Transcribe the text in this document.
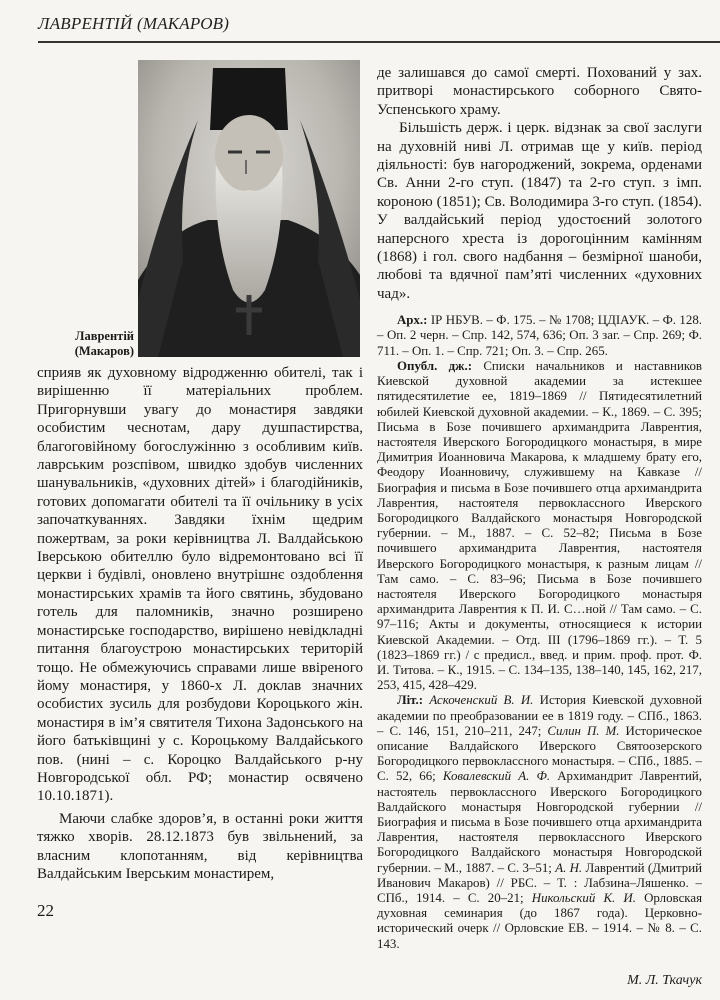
ЛАВРЕНТІЙ (МАКАРОВ)
Лаврентій
(Макаров)

сприяв як духовному відродженню обителі, так і вирішенню її матеріальних проблем. Пригорнувши увагу до монастиря завдяки особистим чеснотам, дару душпастирства, благоговійному богослужінню з особливим київ. лаврським розспівом, швидко здобув численних шанувальників, «духовних дітей» і благодійників, готових допомагати обителі та її очільнику в усіх започаткуваннях. Завдяки їхнім щедрим пожертвам, за роки керівництва Л. Валдайською Іверською обителлю було відремонтовано всі її церкви і будівлі, оновлено внутрішнє оздоблення монастирських храмів та його святинь, збудовано готель для паломників, значно розширено монастирське господарство, вирішено невідкладні питання благоустрою монастирських територій тощо. Не обмежуючись справами лише ввіреного йому монастиря, у 1860-х Л. доклав значних особистих зусиль для розбудови Короцького жін. монастиря в ім’я святителя Тихона Задонського на його батьківщині у с. Короцькому Валдайського пов. (нині – с. Короцко Валдайського р-ну Новгородської обл. РФ; монастир освячено 10.10.1871).

Маючи слабке здоров’я, в останні роки життя тяжко хворів. 28.12.1873 був звільнений, за власним клопотанням, від керівництва Валдайським Іверським монастирем,

22

де залишався до самої смерті. Похований у зах. притворі монастирського соборного Свято-Успенського храму.

Більшість держ. і церк. відзнак за свої заслуги на духовній ниві Л. отримав ще у київ. період діяльності: був нагороджений, зокрема, орденами Св. Анни 2-го ступ. (1847) та 2-го ступ. з імп. короною (1851); Св. Володимира 3-го ступ. (1854). У валдайський період удостоєний золотого наперсного хреста із дорогоцінним камінням (1868) і гол. свого надбання – безмірної шаноби, любові та вдячної пам’яті численних «духовних чад».

Арх.: ІР НБУВ. – Ф. 175. – № 1708; ЦДІАУК. – Ф. 128. – Оп. 2 черн. – Спр. 142, 574, 636; Оп. 3 заг. – Спр. 269; Ф. 711. – Оп. 1. – Спр. 721; Оп. 3. – Спр. 265.

Опубл. дж.: Списки начальников и наставников Киевской духовной академии за истекшее пятидесятилетие ее, 1819–1869 // Пятидесятилетний юбилей Киевской духовной академии. – К., 1869. – С. 395; Письма в Бозе почившего архимандрита Лаврентия, настоятеля Иверского Богородицкого монастыря, в мире Димитрия Иоанновича Макарова, к младшему брату его, Феодору Иоанновичу, служившему на Кавказе // Биография и письма в Бозе почившего отца архимандрита Лаврентия, настоятеля первоклассного Иверского Богородицкого Валдайского монастыря Новгородской губернии. – М., 1887. – С. 52–82; Письма в Бозе почившего архимандрита Лаврентия, настоятеля Иверского Богородицкого монастыря, к разным лицам // Там само. – С. 83–96; Письма в Бозе почившего настоятеля Иверского Богородицкого монастыря архимандрита Лаврентия к П. И. С…ной // Там само. – С. 97–116; Акты и документы, относящиеся к истории Киевской Академии. – Отд. III (1796–1869 гг.). – Т. 5 (1823–1869 гг.) / с предисл., введ. и прим. проф. прот. Ф. И. Титова. – К., 1915. – С. 134–135, 138–140, 145, 162, 217, 253, 415, 428–429.

Літ.: Аскоченский В. И. История Киевской духовной академии по преобразовании ее в 1819 году. – СПб., 1863. – С. 146, 151, 210–211, 247; Силин П. М. Историческое описание Валдайского Иверского Святоозерского Богородицкого первоклассного монастыря. – СПб., 1885. – С. 52, 66; Ковалевский А. Ф. Архимандрит Лаврентий, настоятель первоклассного Иверского Богородицкого Валдайского монастыря Новгородской губернии // Биография и письма в Бозе почившего отца архимандрита Лаврентия, настоятеля первоклассного Иверского Богородицкого Валдайского монастыря Новгородской губернии. – М., 1887. – С. 3–51; А. Н. Лаврентий (Дмитрий Иванович Макаров) // РБС. – Т. : Лабзина–Ляшенко. – СПб., 1914. – С. 20–21; Никольский К. И. Орловская духовная семинария (до 1867 года). Церковно-исторический очерк // Орловские ЕВ. – 1914. – № 8. – С. 143.

М. Л. Ткачук
